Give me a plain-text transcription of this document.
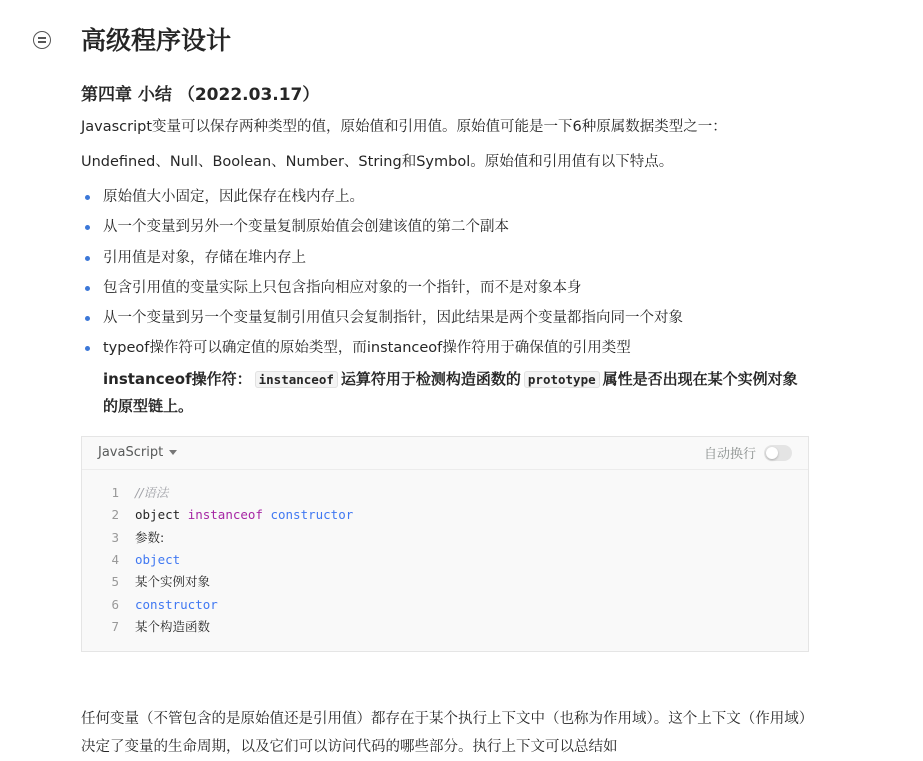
高级程序设计
第四章 小结 （2022.03.17）

Javascript变量可以保存两种类型的值，原始值和引用值。原始值可能是一下6种原属数据类型之一：

Undefined、Null、Boolean、Number、String和Symbol。原始值和引用值有以下特点。

原始值大小固定，因此保存在栈内存上。
从一个变量到另外一个变量复制原始值会创建该值的第二个副本
引用值是对象，存储在堆内存上
包含引用值的变量实际上只包含指向相应对象的一个指针，而不是对象本身
从一个变量到另一个变量复制引用值只会复制指针，因此结果是两个变量都指向同一个对象
typeof操作符可以确定值的原始类型，而instanceof操作符用于确保值的引用类型
instanceof操作符： instanceof 运算符用于检测构造函数的 prototype 属性是否出现在某个实例对象的原型链上。
JavaScript	自动换行
1	//语法
2	object instanceof constructor
3	参数:
4	object
5	某个实例对象
6	constructor
7	某个构造函数

任何变量（不管包含的是原始值还是引用值）都存在于某个执行上下文中（也称为作用域）。这个上下文（作用域）决定了变量的生命周期，以及它们可以访问代码的哪些部分。执行上下文可以总结如
